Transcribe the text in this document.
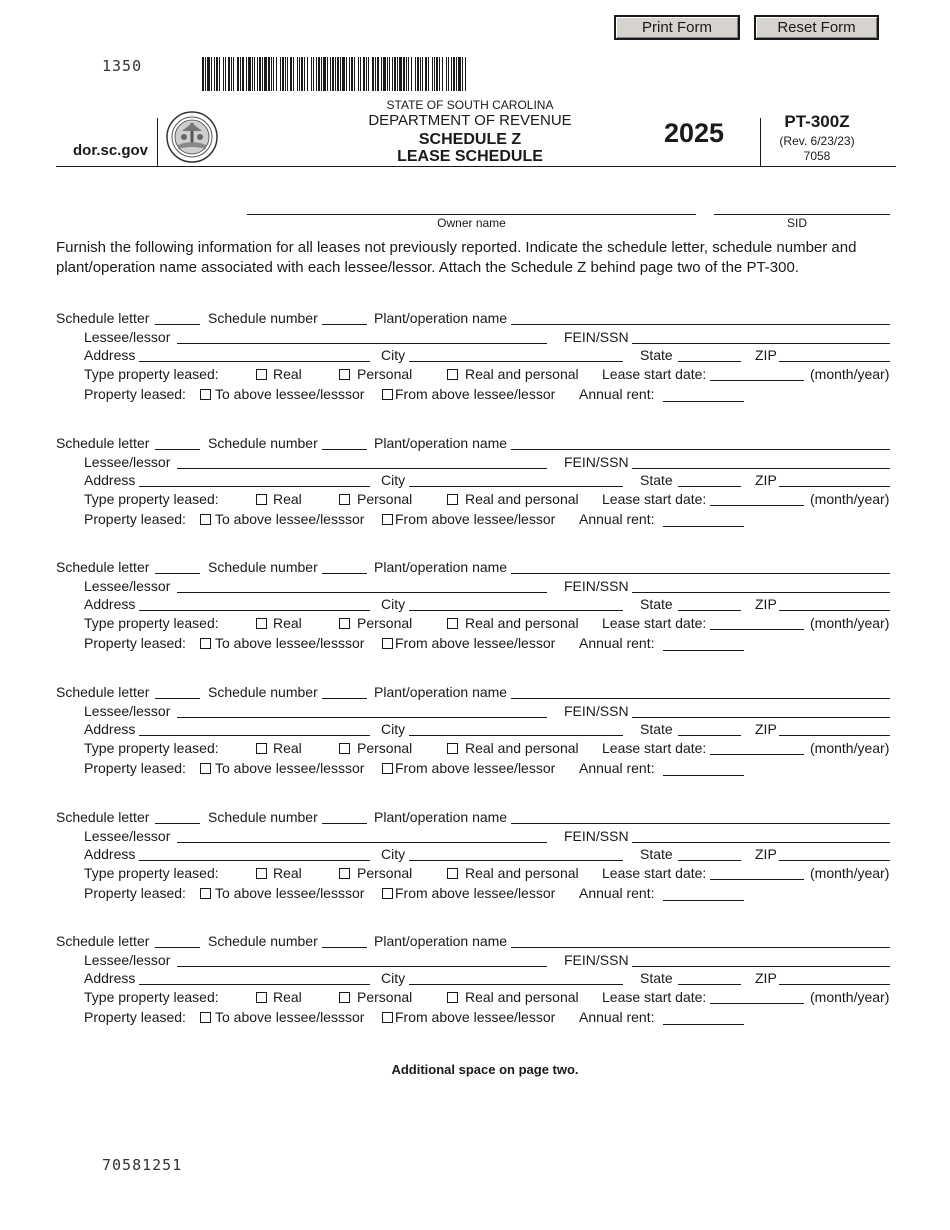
Print Form	Reset Form
1350
dor.sc.gov
STATE OF SOUTH CAROLINA
DEPARTMENT OF REVENUE
SCHEDULE Z
LEASE SCHEDULE
2025	PT-300Z
(Rev. 6/23/23)
7058
Owner name	SID
Furnish the following information for all leases not previously reported. Indicate the schedule letter, schedule number and plant/operation name associated with each lessee/lessor. Attach the Schedule Z behind page two of the PT-300.
Schedule letter	Schedule number	Plant/operation name
Lessee/lessor	FEIN/SSN
Address	City	State	ZIP
Type property leased:	Real	Personal	Real and personal Lease start date:	(month/year)
Property leased: To above lessee/lesssor From above lessee/lessor Annual rent:
Schedule letter	Schedule number	Plant/operation name
Lessee/lessor	FEIN/SSN
Address	City	State	ZIP
Type property leased:	Real	Personal	Real and personal Lease start date:	(month/year)
Property leased: To above lessee/lesssor From above lessee/lessor Annual rent:
Schedule letter	Schedule number	Plant/operation name
Lessee/lessor	FEIN/SSN
Address	City	State	ZIP
Type property leased:	Real	Personal	Real and personal Lease start date:	(month/year)
Property leased: To above lessee/lesssor From above lessee/lessor Annual rent:
Schedule letter	Schedule number	Plant/operation name
Lessee/lessor	FEIN/SSN
Address	City	State	ZIP
Type property leased:	Real	Personal	Real and personal Lease start date:	(month/year)
Property leased: To above lessee/lesssor From above lessee/lessor Annual rent:
Schedule letter	Schedule number	Plant/operation name
Lessee/lessor	FEIN/SSN
Address	City	State	ZIP
Type property leased:	Real	Personal	Real and personal Lease start date:	(month/year)
Property leased: To above lessee/lesssor From above lessee/lessor Annual rent:
Schedule letter	Schedule number	Plant/operation name
Lessee/lessor	FEIN/SSN
Address	City	State	ZIP
Type property leased:	Real	Personal	Real and personal Lease start date:	(month/year)
Property leased: To above lessee/lesssor From above lessee/lessor Annual rent:
Additional space on page two.
70581251
